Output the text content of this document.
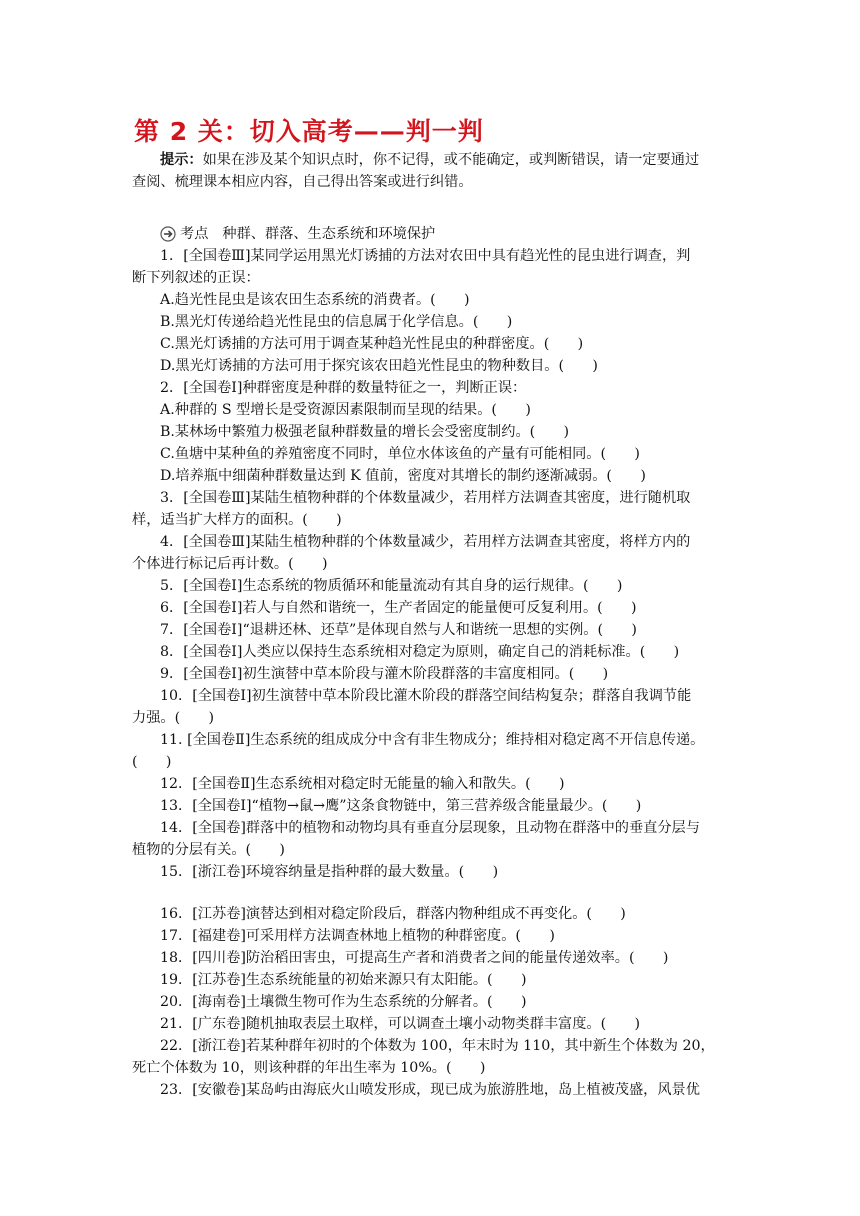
第 2 关：切入高考——判一判
提示：如果在涉及某个知识点时，你不记得，或不能确定，或判断错误，请一定要通过
查阅、梳理课本相应内容，自己得出答案或进行纠错。
考点 种群、群落、生态系统和环境保护
1．[全国卷Ⅲ]某同学运用黑光灯诱捕的方法对农田中具有趋光性的昆虫进行调查，判
断下列叙述的正误：
A.趋光性昆虫是该农田生态系统的消费者。(　　)
B.黑光灯传递给趋光性昆虫的信息属于化学信息。(　　)
C.黑光灯诱捕的方法可用于调查某种趋光性昆虫的种群密度。(　　)
D.黑光灯诱捕的方法可用于探究该农田趋光性昆虫的物种数目。(　　)
2．[全国卷Ⅰ]种群密度是种群的数量特征之一，判断正误：
A.种群的 S 型增长是受资源因素限制而呈现的结果。(　　)
B.某林场中繁殖力极强老鼠种群数量的增长会受密度制约。(　　)
C.鱼塘中某种鱼的养殖密度不同时，单位水体该鱼的产量有可能相同。(　　)
D.培养瓶中细菌种群数量达到 K 值前，密度对其增长的制约逐渐减弱。(　　)
3．[全国卷Ⅲ]某陆生植物种群的个体数量减少，若用样方法调查其密度，进行随机取
样，适当扩大样方的面积。(　　)
4．[全国卷Ⅲ]某陆生植物种群的个体数量减少，若用样方法调查其密度，将样方内的
个体进行标记后再计数。(　　)
5．[全国卷Ⅰ]生态系统的物质循环和能量流动有其自身的运行规律。(　　)
6．[全国卷Ⅰ]若人与自然和谐统一，生产者固定的能量便可反复利用。(　　)
7．[全国卷Ⅰ]“退耕还林、还草”是体现自然与人和谐统一思想的实例。(　　)
8．[全国卷Ⅰ]人类应以保持生态系统相对稳定为原则，确定自己的消耗标准。(　　)
9．[全国卷Ⅰ]初生演替中草本阶段与灌木阶段群落的丰富度相同。(　　)
10．[全国卷Ⅰ]初生演替中草本阶段比灌木阶段的群落空间结构复杂；群落自我调节能
力强。(　　)
11. [全国卷Ⅱ]生态系统的组成成分中含有非生物成分；维持相对稳定离不开信息传递。
(　　)
12．[全国卷Ⅱ]生态系统相对稳定时无能量的输入和散失。(　　)
13．[全国卷Ⅰ]“植物→鼠→鹰”这条食物链中，第三营养级含能量最少。(　　)
14．[全国卷]群落中的植物和动物均具有垂直分层现象，且动物在群落中的垂直分层与
植物的分层有关。(　　)
15．[浙江卷]环境容纳量是指种群的最大数量。(　　)
16．[江苏卷]演替达到相对稳定阶段后，群落内物种组成不再变化。(　　)
17．[福建卷]可采用样方法调查林地上植物的种群密度。(　　)
18．[四川卷]防治稻田害虫，可提高生产者和消费者之间的能量传递效率。(　　)
19．[江苏卷]生态系统能量的初始来源只有太阳能。(　　)
20．[海南卷]土壤微生物可作为生态系统的分解者。(　　)
21．[广东卷]随机抽取表层土取样，可以调查土壤小动物类群丰富度。(　　)
22．[浙江卷]若某种群年初时的个体数为 100，年末时为 110，其中新生个体数为 20，
死亡个体数为 10，则该种群的年出生率为 10%。(　　)
23．[安徽卷]某岛屿由海底火山喷发形成，现已成为旅游胜地，岛上植被茂盛，风景优
